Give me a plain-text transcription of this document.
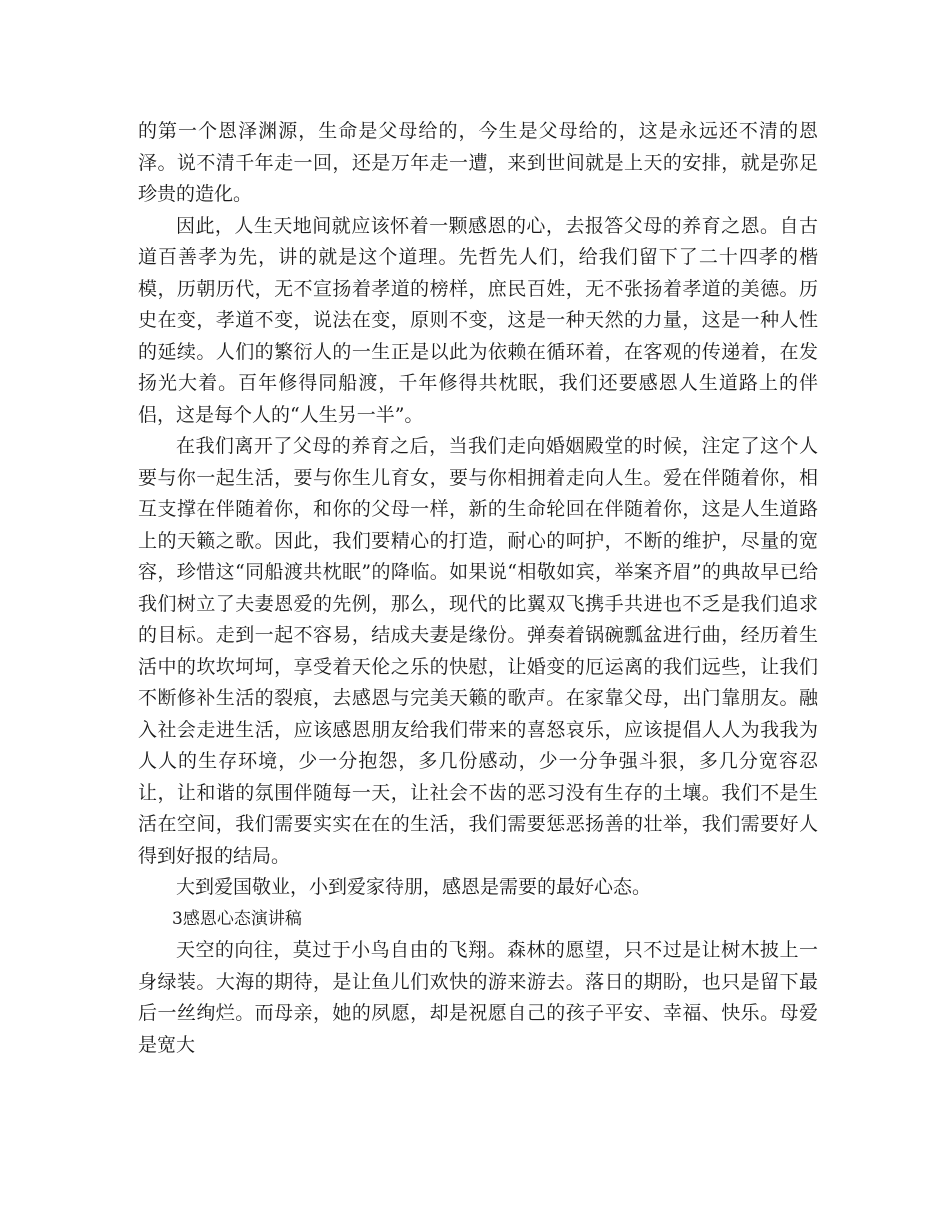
的第一个恩泽渊源，生命是父母给的，今生是父母给的，这是永远还不清的恩泽。说不清千年走一回，还是万年走一遭，来到世间就是上天的安排，就是弥足珍贵的造化。

因此，人生天地间就应该怀着一颗感恩的心，去报答父母的养育之恩。自古道百善孝为先，讲的就是这个道理。先哲先人们，给我们留下了二十四孝的楷模，历朝历代，无不宣扬着孝道的榜样，庶民百姓，无不张扬着孝道的美德。历史在变，孝道不变，说法在变，原则不变，这是一种天然的力量，这是一种人性的延续。人们的繁衍人的一生正是以此为依赖在循环着，在客观的传递着，在发扬光大着。百年修得同船渡，千年修得共枕眠，我们还要感恩人生道路上的伴侣，这是每个人的“人生另一半”。

在我们离开了父母的养育之后，当我们走向婚姻殿堂的时候，注定了这个人要与你一起生活，要与你生儿育女，要与你相拥着走向人生。爱在伴随着你，相互支撑在伴随着你，和你的父母一样，新的生命轮回在伴随着你，这是人生道路上的天籁之歌。因此，我们要精心的打造，耐心的呵护，不断的维护，尽量的宽容，珍惜这“同船渡共枕眠”的降临。如果说“相敬如宾，举案齐眉”的典故早已给我们树立了夫妻恩爱的先例，那么，现代的比翼双飞携手共进也不乏是我们追求的目标。走到一起不容易，结成夫妻是缘份。弹奏着锅碗瓢盆进行曲，经历着生活中的坎坎坷坷，享受着天伦之乐的快慰，让婚变的厄运离的我们远些，让我们不断修补生活的裂痕，去感恩与完美天籁的歌声。在家靠父母，出门靠朋友。融入社会走进生活，应该感恩朋友给我们带来的喜怒哀乐，应该提倡人人为我我为人人的生存环境，少一分抱怨，多几份感动，少一分争强斗狠，多几分宽容忍让，让和谐的氛围伴随每一天，让社会不齿的恶习没有生存的土壤。我们不是生活在空间，我们需要实实在在的生活，我们需要惩恶扬善的壮举，我们需要好人得到好报的结局。

大到爱国敬业，小到爱家待朋，感恩是需要的最好心态。

3感恩心态演讲稿

天空的向往，莫过于小鸟自由的飞翔。森林的愿望，只不过是让树木披上一身绿装。大海的期待，是让鱼儿们欢快的游来游去。落日的期盼，也只是留下最后一丝绚烂。而母亲，她的夙愿，却是祝愿自己的孩子平安、幸福、快乐。母爱是宽大
